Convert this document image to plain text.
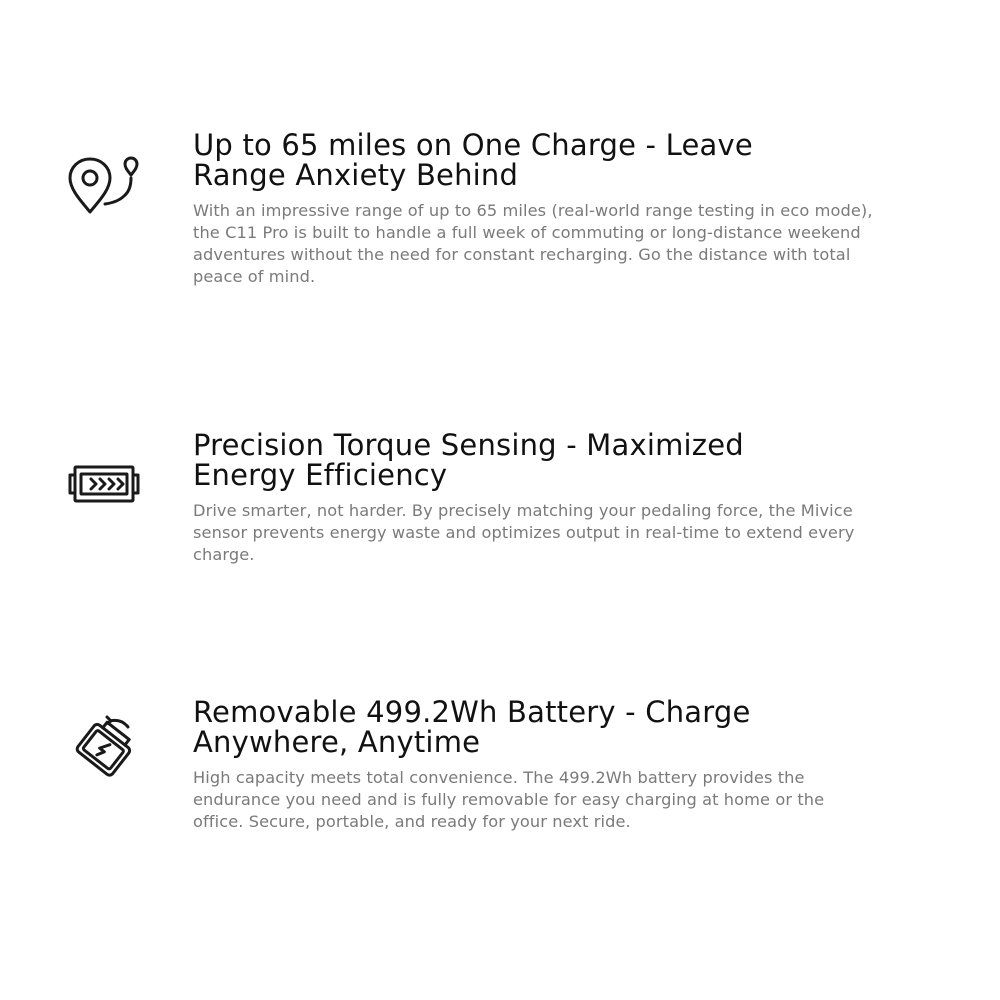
Up to 65 miles on One Charge - Leave
Range Anxiety Behind

With an impressive range of up to 65 miles (real-world range testing in eco mode), the C11 Pro is built to handle a full week of commuting or long-distance weekend adventures without the need for constant recharging. Go the distance with total peace of mind.

Precision Torque Sensing - Maximized
Energy Efficiency

Drive smarter, not harder. By precisely matching your pedaling force, the Mivice sensor prevents energy waste and optimizes output in real-time to extend every charge.

Removable 499.2Wh Battery - Charge
Anywhere, Anytime

High capacity meets total convenience. The 499.2Wh battery provides the endurance you need and is fully removable for easy charging at home or the office. Secure, portable, and ready for your next ride.
